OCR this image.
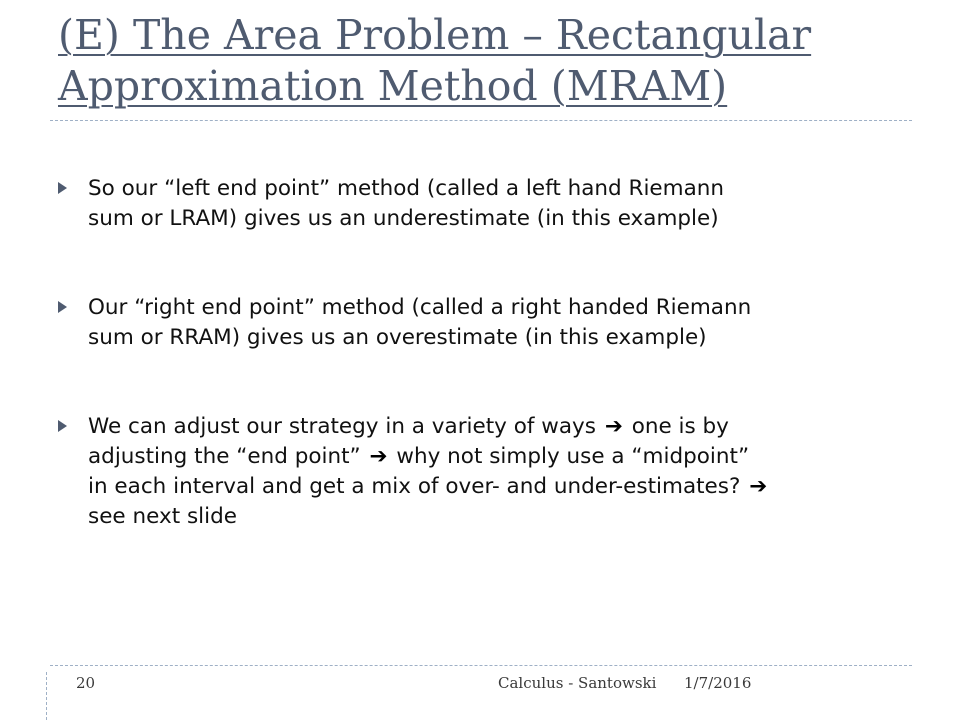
(E) The Area Problem – Rectangular
Approximation Method (MRAM)
So our “left end point” method (called a left hand Riemann
sum or LRAM) gives us an underestimate (in this example)
Our “right end point” method (called a right handed Riemann
sum or RRAM) gives us an overestimate (in this example)
We can adjust our strategy in a variety of ways ➔ one is by
adjusting the “end point” ➔ why not simply use a “midpoint”
in each interval and get a mix of over- and under-estimates? ➔
see next slide
20	Calculus - Santowski 1/7/2016
